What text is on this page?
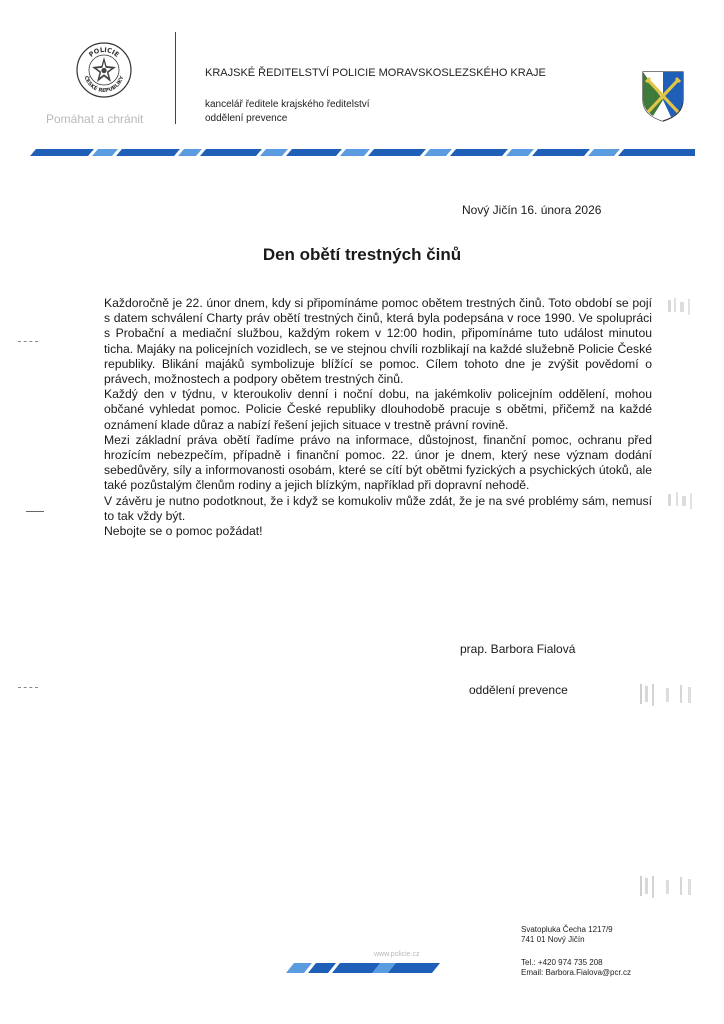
POLICIE
ČESKÉ REPUBLIKY
Pomáhat a chránit
KRAJSKÉ ŘEDITELSTVÍ POLICIE MORAVSKOSLEZSKÉHO KRAJE
kancelář ředitele krajského ředitelství
oddělení prevence
Nový Jičín 16. února 2026
Den obětí trestných činů

Každoročně je 22. únor dnem, kdy si připomínáme pomoc obětem trestných činů. Toto období se pojí s datem schválení Charty práv obětí trestných činů, která byla podepsána v roce 1990. Ve spolupráci s Probační a mediační službou, každým rokem v 12:00 hodin, připomínáme tuto událost minutou ticha. Majáky na policejních vozidlech, se ve stejnou chvíli rozblikají na každé služebně Policie České republiky. Blikání majáků symbolizuje blížící se pomoc. Cílem tohoto dne je zvýšit povědomí o právech, možnostech a podpory obětem trestných činů.

Každý den v týdnu, v kteroukoliv denní i noční dobu, na jakémkoliv policejním oddělení, mohou občané vyhledat pomoc. Policie České republiky dlouhodobě pracuje s obětmi, přičemž na každé oznámení klade důraz a nabízí řešení jejich situace v trestně právní rovině.

Mezi základní práva obětí řadíme právo na informace, důstojnost, finanční pomoc, ochranu před hrozícím nebezpečím, případně i finanční pomoc. 22. únor je dnem, který nese význam dodání sebedůvěry, síly a informovanosti osobám, které se cítí být obětmi fyzických a psychických útoků, ale také pozůstalým členům rodiny a jejich blízkým, například při dopravní nehodě.

V závěru je nutno podotknout, že i když se komukoliv může zdát, že je na své problémy sám, nemusí to tak vždy být.

Nebojte se o pomoc požádat!

prap. Barbora Fialová
oddělení prevence
www.policie.cz
Svatopluka Čecha 1217/9
741 01 Nový Jičín
Tel.: +420 974 735 208
Email: Barbora.Fialova@pcr.cz
